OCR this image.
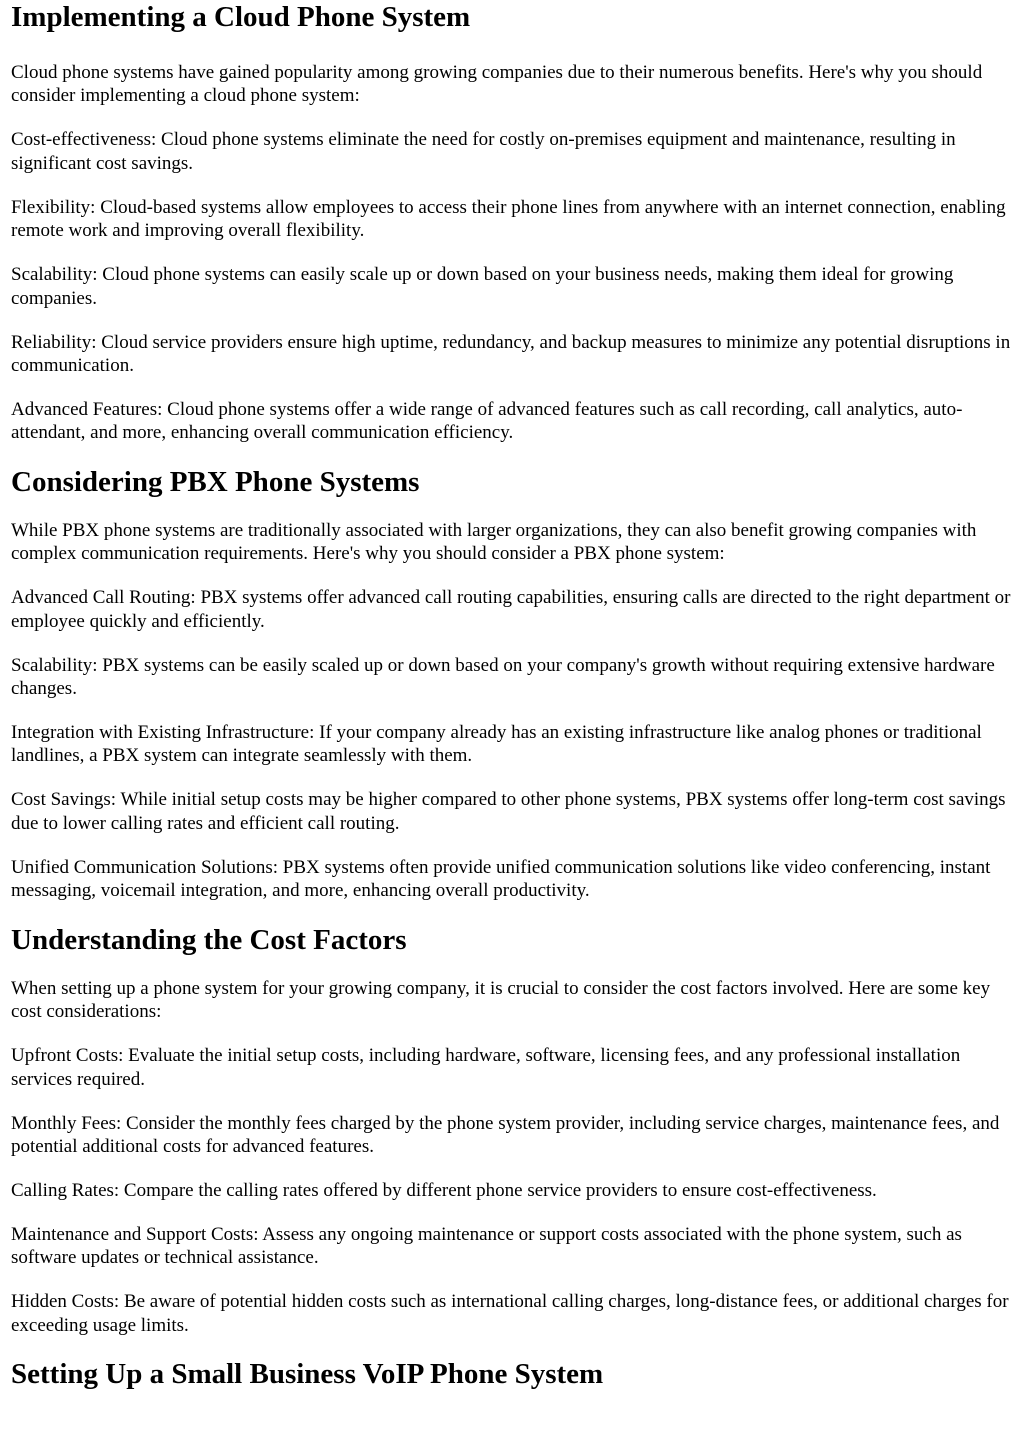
Implementing a Cloud Phone System

Cloud phone systems have gained popularity among growing companies due to their numerous benefits. Here's why you should consider implementing a cloud phone system:

Cost-effectiveness: Cloud phone systems eliminate the need for costly on-premises equipment and maintenance, resulting in significant cost savings.

Flexibility: Cloud-based systems allow employees to access their phone lines from anywhere with an internet connection, enabling remote work and improving overall flexibility.

Scalability: Cloud phone systems can easily scale up or down based on your business needs, making them ideal for growing companies.

Reliability: Cloud service providers ensure high uptime, redundancy, and backup measures to minimize any potential disruptions in communication.

Advanced Features: Cloud phone systems offer a wide range of advanced features such as call recording, call analytics, auto-attendant, and more, enhancing overall communication efficiency.

Considering PBX Phone Systems

While PBX phone systems are traditionally associated with larger organizations, they can also benefit growing companies with complex communication requirements. Here's why you should consider a PBX phone system:

Advanced Call Routing: PBX systems offer advanced call routing capabilities, ensuring calls are directed to the right department or employee quickly and efficiently.

Scalability: PBX systems can be easily scaled up or down based on your company's growth without requiring extensive hardware changes.

Integration with Existing Infrastructure: If your company already has an existing infrastructure like analog phones or traditional landlines, a PBX system can integrate seamlessly with them.

Cost Savings: While initial setup costs may be higher compared to other phone systems, PBX systems offer long-term cost savings due to lower calling rates and efficient call routing.

Unified Communication Solutions: PBX systems often provide unified communication solutions like video conferencing, instant messaging, voicemail integration, and more, enhancing overall productivity.

Understanding the Cost Factors

When setting up a phone system for your growing company, it is crucial to consider the cost factors involved. Here are some key cost considerations:

Upfront Costs: Evaluate the initial setup costs, including hardware, software, licensing fees, and any professional installation services required.

Monthly Fees: Consider the monthly fees charged by the phone system provider, including service charges, maintenance fees, and potential additional costs for advanced features.

Calling Rates: Compare the calling rates offered by different phone service providers to ensure cost-effectiveness.

Maintenance and Support Costs: Assess any ongoing maintenance or support costs associated with the phone system, such as software updates or technical assistance.

Hidden Costs: Be aware of potential hidden costs such as international calling charges, long-distance fees, or additional charges for exceeding usage limits.

Setting Up a Small Business VoIP Phone System
